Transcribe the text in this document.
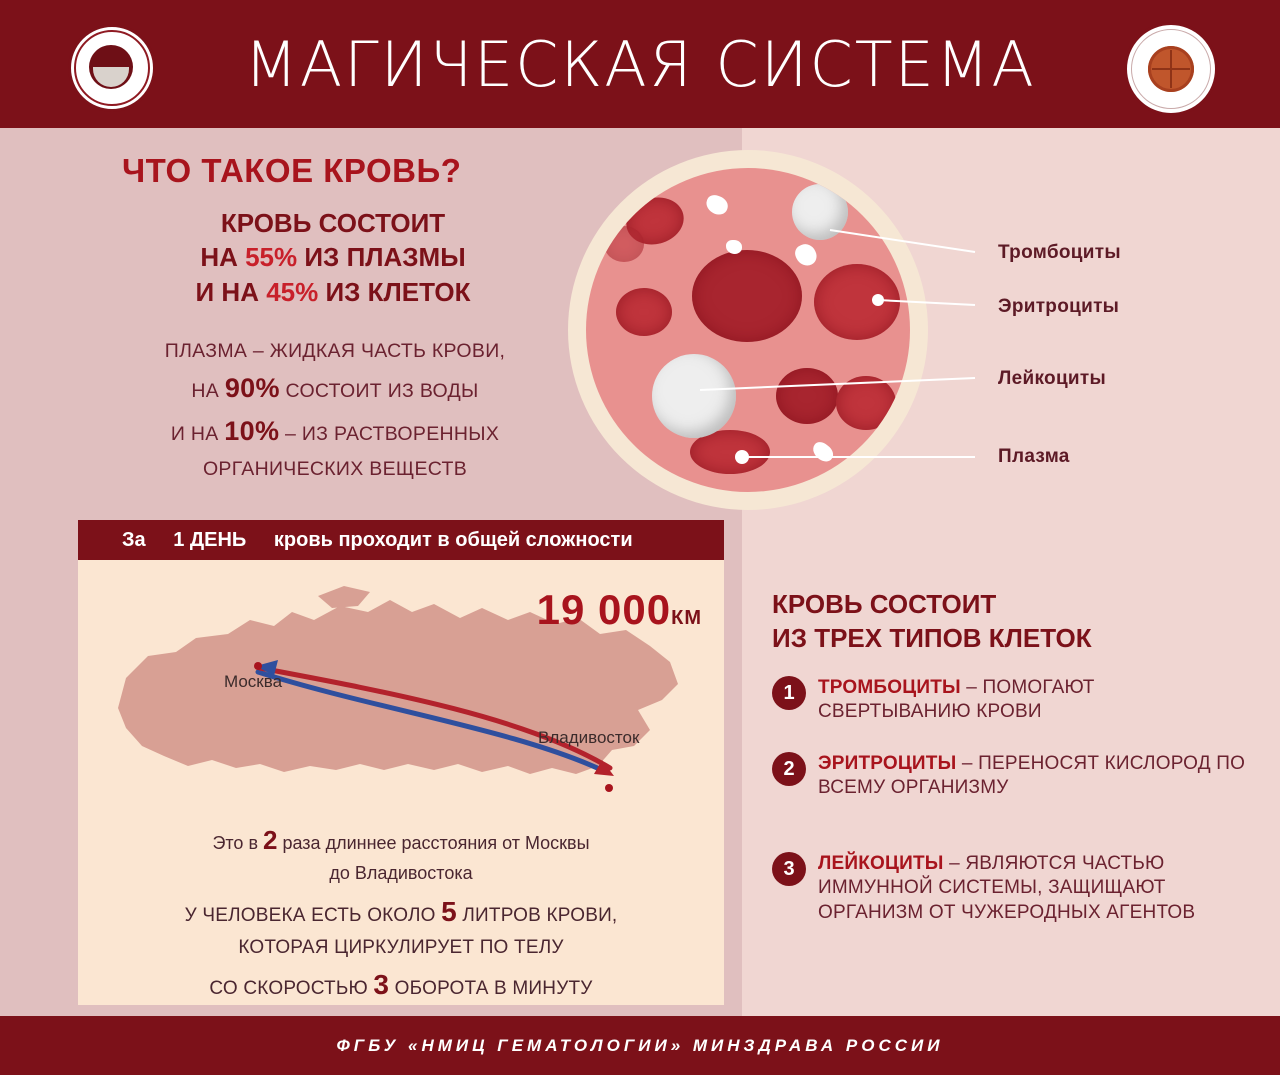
МАГИЧЕСКАЯ СИСТЕМА
ЧТО ТАКОЕ КРОВЬ?
КРОВЬ СОСТОИТ
НА 55% ИЗ ПЛАЗМЫ
И НА 45% ИЗ КЛЕТОК
ПЛАЗМА – ЖИДКАЯ ЧАСТЬ КРОВИ,
НА 90% СОСТОИТ ИЗ ВОДЫ
И НА 10% – ИЗ РАСТВОРЕННЫХ
ОРГАНИЧЕСКИХ ВЕЩЕСТВ
Тромбоциты
Эритроциты
Лейкоциты
Плазма
За 1 ДЕНЬ кровь проходит в общей сложности
Москва
Владивосток
19 000КМ
Это в 2 раза длиннее расстояния от Москвы
до Владивостока
У ЧЕЛОВЕКА ЕСТЬ ОКОЛО 5 ЛИТРОВ КРОВИ,
КОТОРАЯ ЦИРКУЛИРУЕТ ПО ТЕЛУ
СО СКОРОСТЬЮ 3 ОБОРОТА В МИНУТУ
КРОВЬ СОСТОИТ
ИЗ ТРЕХ ТИПОВ КЛЕТОК
1	ТРОМБОЦИТЫ – ПОМОГАЮТ СВЕРТЫВАНИЮ КРОВИ
2	ЭРИТРОЦИТЫ – ПЕРЕНОСЯТ КИСЛОРОД ПО ВСЕМУ ОРГАНИЗМУ
3	ЛЕЙКОЦИТЫ – ЯВЛЯЮТСЯ ЧАСТЬЮ ИММУННОЙ СИСТЕМЫ, ЗАЩИЩАЮТ ОРГАНИЗМ ОТ ЧУЖЕРОДНЫХ АГЕНТОВ
ФГБУ «НМИЦ ГЕМАТОЛОГИИ» МИНЗДРАВА РОССИИ
